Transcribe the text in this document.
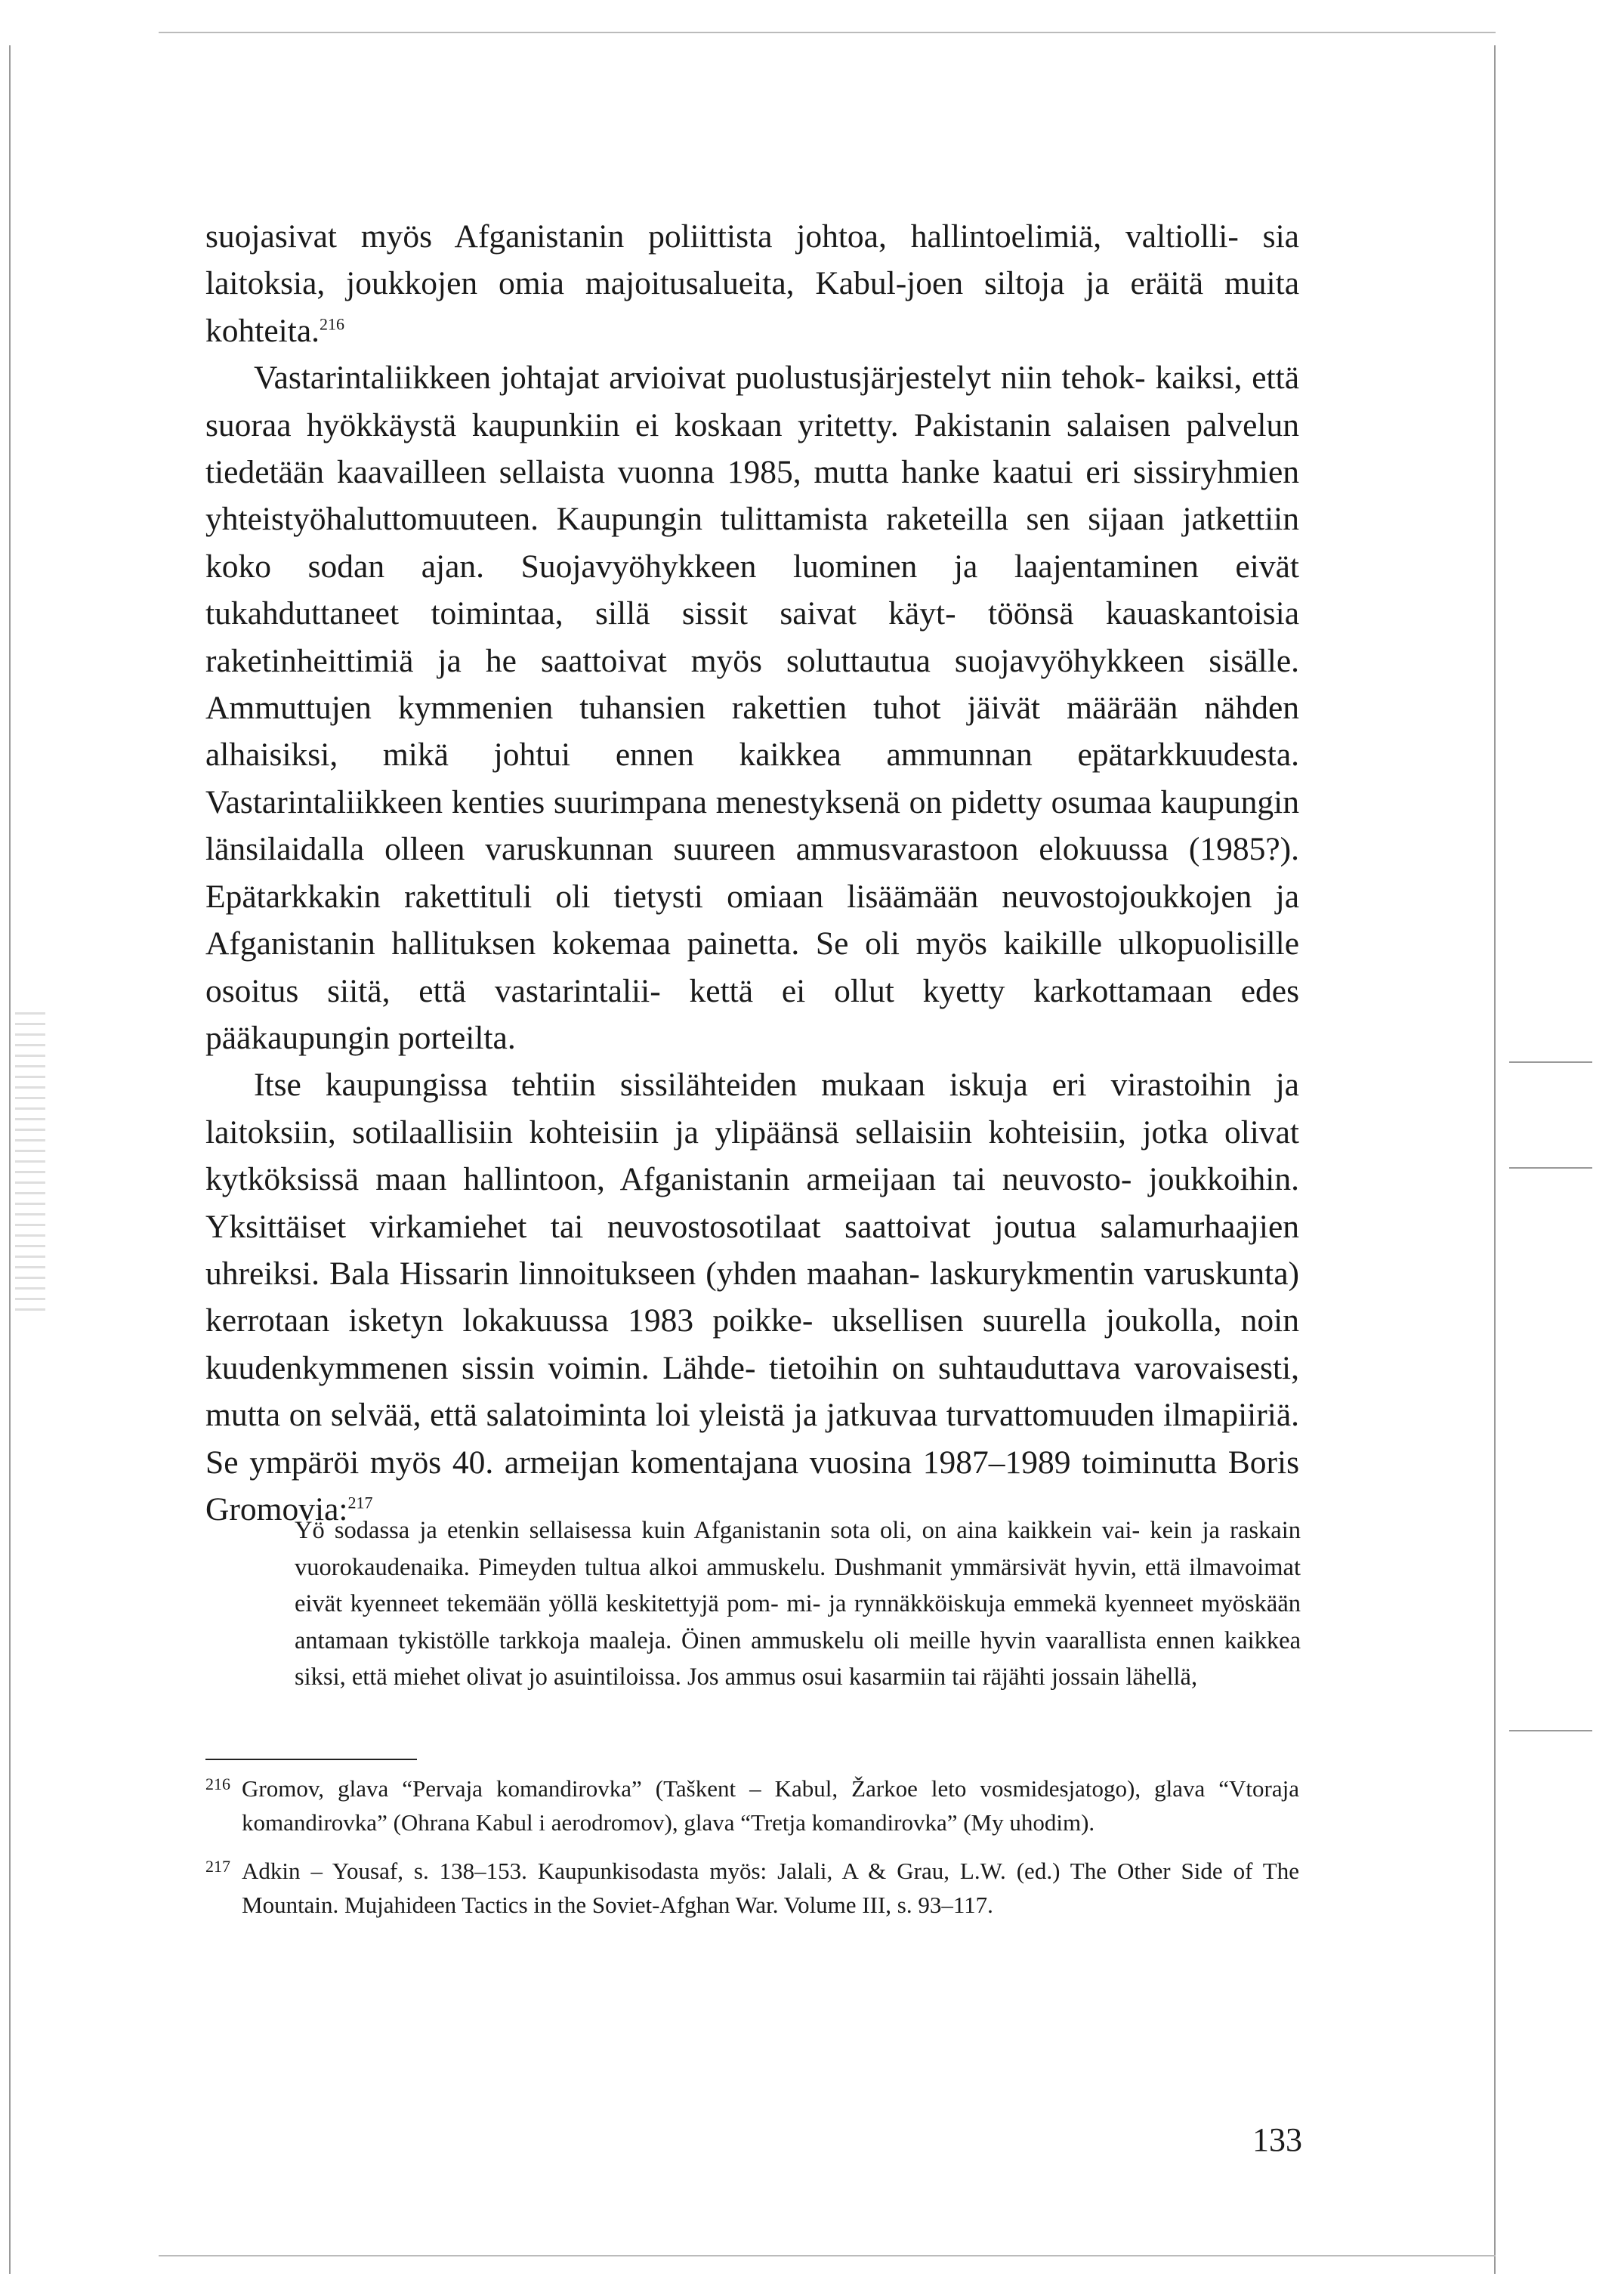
suojasivat myös Afganistanin poliittista johtoa, hallintoelimiä, valtiolli- sia laitoksia, joukkojen omia majoitusalueita, Kabul-joen siltoja ja eräitä muita kohteita.$^{216}$

Vastarintaliikkeen johtajat arvioivat puolustusjärjestelyt niin tehok- kaiksi, että suoraa hyökkäystä kaupunkiin ei koskaan yritetty. Pakistanin salaisen palvelun tiedetään kaavailleen sellaista vuonna 1985, mutta hanke kaatui eri sissiryhmien yhteistyöhaluttomuuteen. Kaupungin tulittamista raketeilla sen sijaan jatkettiin koko sodan ajan. Suojavyöhykkeen luominen ja laajentaminen eivät tukahduttaneet toimintaa, sillä sissit saivat käyt- töönsä kauaskantoisia raketinheittimiä ja he saattoivat myös soluttautua suojavyöhykkeen sisälle. Ammuttujen kymmenien tuhansien rakettien tuhot jäivät määrään nähden alhaisiksi, mikä johtui ennen kaikkea ammunnan epätarkkuudesta. Vastarintaliikkeen kenties suurimpana menestyksenä on pidetty osumaa kaupungin länsilaidalla olleen varuskunnan suureen ammusvarastoon elokuussa (1985?). Epätarkkakin rakettituli oli tietysti omiaan lisäämään neuvostojoukkojen ja Afganistanin hallituksen kokemaa painetta. Se oli myös kaikille ulkopuolisille osoitus siitä, että vastarintalii- kettä ei ollut kyetty karkottamaan edes pääkaupungin porteilta.

Itse kaupungissa tehtiin sissilähteiden mukaan iskuja eri virastoihin ja laitoksiin, sotilaallisiin kohteisiin ja ylipäänsä sellaisiin kohteisiin, jotka olivat kytköksissä maan hallintoon, Afganistanin armeijaan tai neuvosto- joukkoihin. Yksittäiset virkamiehet tai neuvostosotilaat saattoivat joutua salamurhaajien uhreiksi. Bala Hissarin linnoitukseen (yhden maahan- laskurykmentin varuskunta) kerrotaan isketyn lokakuussa 1983 poikke- uksellisen suurella joukolla, noin kuudenkymmenen sissin voimin. Lähde- tietoihin on suhtauduttava varovaisesti, mutta on selvää, että salatoiminta loi yleistä ja jatkuvaa turvattomuuden ilmapiiriä. Se ympäröi myös 40. armeijan komentajana vuosina 1987–1989 toiminutta Boris Gromovia:$^{217}$

Yö sodassa ja etenkin sellaisessa kuin Afganistanin sota oli, on aina kaikkein vai- kein ja raskain vuorokaudenaika. Pimeyden tultua alkoi ammuskelu. Dushmanit ymmärsivät hyvin, että ilmavoimat eivät kyenneet tekemään yöllä keskitettyjä pom- mi- ja rynnäkköiskuja emmekä kyenneet myöskään antamaan tykistölle tarkkoja maaleja. Öinen ammuskelu oli meille hyvin vaarallista ennen kaikkea siksi, että miehet olivat jo asuintiloissa. Jos ammus osui kasarmiin tai räjähti jossain lähellä,
216 Gromov, glava “Pervaja komandirovka” (Taškent – Kabul, Žarkoe leto vosmidesjatogo), glava “Vtoraja komandirovka” (Ohrana Kabul i aerodromov), glava “Tretja komandirovka” (My uhodim).
217 Adkin – Yousaf, s. 138–153. Kaupunkisodasta myös: Jalali, A & Grau, L.W. (ed.) The Other Side of The Mountain. Mujahideen Tactics in the Soviet-Afghan War. Volume III, s. 93–117.
133
